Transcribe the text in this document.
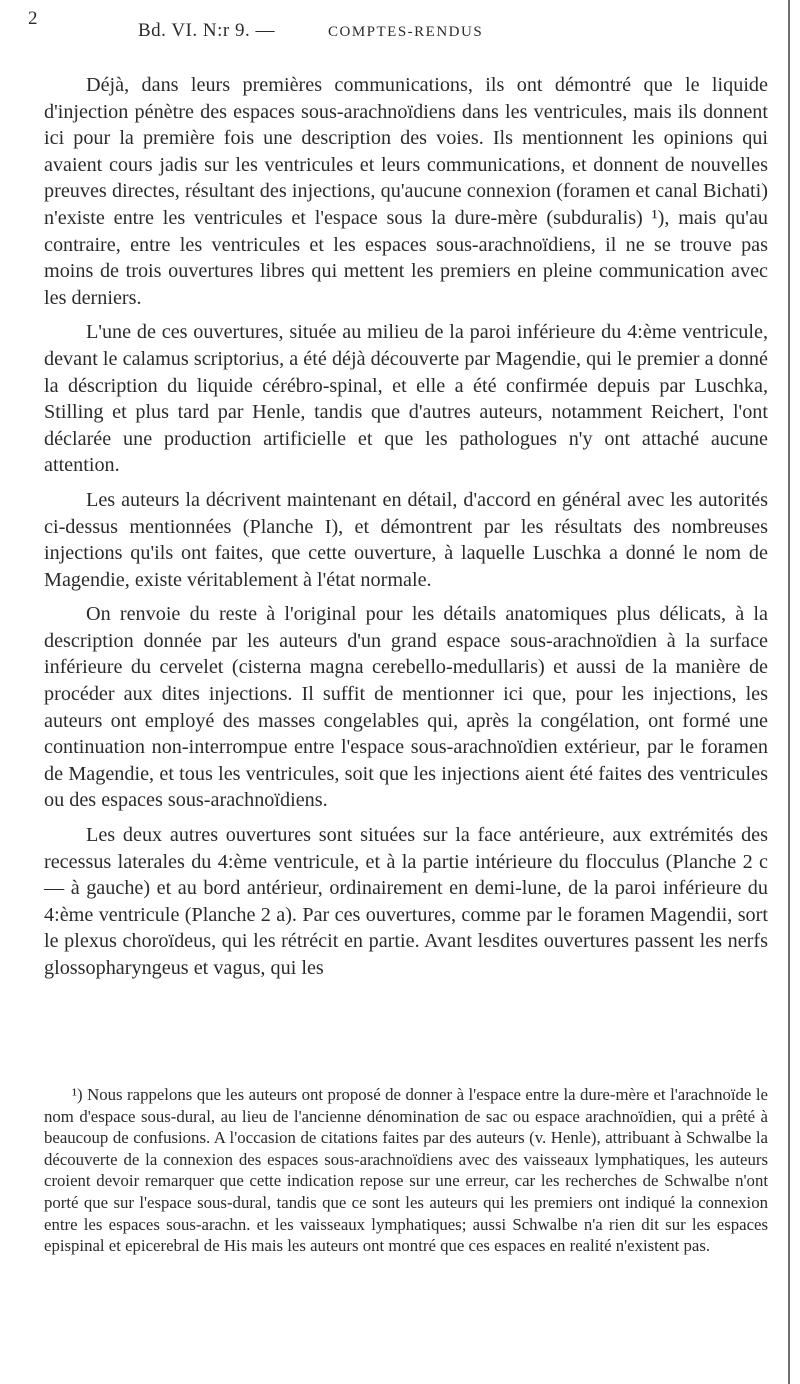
2
Bd. VI. N:r 9. —	COMPTES-RENDUS

Déjà, dans leurs premières communications, ils ont démontré que le liquide d'injection pénètre des espaces sous-arachnoïdiens dans les ventricules, mais ils donnent ici pour la première fois une description des voies. Ils mentionnent les opinions qui avaient cours jadis sur les ventricules et leurs communications, et donnent de nouvelles preuves directes, résultant des injections, qu'aucune connexion (foramen et canal Bichati) n'existe entre les ventricules et l'espace sous la dure-mère (subduralis) ¹), mais qu'au contraire, entre les ventricules et les espaces sous-arachnoïdiens, il ne se trouve pas moins de trois ouvertures libres qui mettent les premiers en pleine communication avec les derniers.

L'une de ces ouvertures, située au milieu de la paroi inférieure du 4:ème ventricule, devant le calamus scriptorius, a été déjà découverte par Magendie, qui le premier a donné la déscription du liquide cérébro-spinal, et elle a été confirmée depuis par Luschka, Stilling et plus tard par Henle, tandis que d'autres auteurs, notamment Reichert, l'ont déclarée une production artificielle et que les pathologues n'y ont attaché aucune attention.

Les auteurs la décrivent maintenant en détail, d'accord en général avec les autorités ci-dessus mentionnées (Planche I), et démontrent par les résultats des nombreuses injections qu'ils ont faites, que cette ouverture, à laquelle Luschka a donné le nom de Magendie, existe véritablement à l'état normale.

On renvoie du reste à l'original pour les détails anatomiques plus délicats, à la description donnée par les auteurs d'un grand espace sous-arachnoïdien à la surface inférieure du cervelet (cisterna magna cerebello-medullaris) et aussi de la manière de procéder aux dites injections. Il suffit de mentionner ici que, pour les injections, les auteurs ont employé des masses congelables qui, après la congélation, ont formé une continuation non-interrompue entre l'espace sous-arachnoïdien extérieur, par le foramen de Magendie, et tous les ventricules, soit que les injections aient été faites des ventricules ou des espaces sous-arachnoïdiens.

Les deux autres ouvertures sont situées sur la face antérieure, aux extrémités des recessus laterales du 4:ème ventricule, et à la partie intérieure du flocculus (Planche 2 c — à gauche) et au bord antérieur, ordinairement en demi-lune, de la paroi inférieure du 4:ème ventricule (Planche 2 a). Par ces ouvertures, comme par le foramen Magendii, sort le plexus choroïdeus, qui les rétrécit en partie. Avant lesdites ouvertures passent les nerfs glossopharyngeus et vagus, qui les

¹) Nous rappelons que les auteurs ont proposé de donner à l'espace entre la dure-mère et l'arachnoïde le nom d'espace sous-dural, au lieu de l'ancienne dénomination de sac ou espace arachnoïdien, qui a prêté à beaucoup de confusions. A l'occasion de citations faites par des auteurs (v. Henle), attribuant à Schwalbe la découverte de la connexion des espaces sous-arachnoïdiens avec des vaisseaux lymphatiques, les auteurs croient devoir remarquer que cette indication repose sur une erreur, car les recherches de Schwalbe n'ont porté que sur l'espace sous-dural, tandis que ce sont les auteurs qui les premiers ont indiqué la connexion entre les espaces sous-arachn. et les vaisseaux lymphatiques; aussi Schwalbe n'a rien dit sur les espaces epispinal et epicerebral de His mais les auteurs ont montré que ces espaces en realité n'existent pas.
